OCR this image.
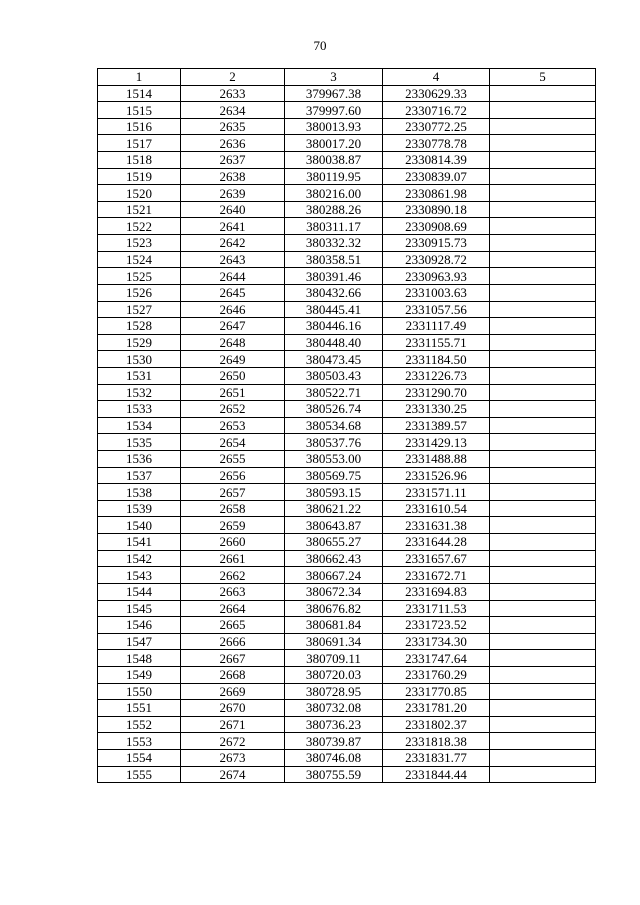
70
1	2	3	4	5
1514	2633	379967.38	2330629.33	
1515	2634	379997.60	2330716.72	
1516	2635	380013.93	2330772.25	
1517	2636	380017.20	2330778.78	
1518	2637	380038.87	2330814.39	
1519	2638	380119.95	2330839.07	
1520	2639	380216.00	2330861.98	
1521	2640	380288.26	2330890.18	
1522	2641	380311.17	2330908.69	
1523	2642	380332.32	2330915.73	
1524	2643	380358.51	2330928.72	
1525	2644	380391.46	2330963.93	
1526	2645	380432.66	2331003.63	
1527	2646	380445.41	2331057.56	
1528	2647	380446.16	2331117.49	
1529	2648	380448.40	2331155.71	
1530	2649	380473.45	2331184.50	
1531	2650	380503.43	2331226.73	
1532	2651	380522.71	2331290.70	
1533	2652	380526.74	2331330.25	
1534	2653	380534.68	2331389.57	
1535	2654	380537.76	2331429.13	
1536	2655	380553.00	2331488.88	
1537	2656	380569.75	2331526.96	
1538	2657	380593.15	2331571.11	
1539	2658	380621.22	2331610.54	
1540	2659	380643.87	2331631.38	
1541	2660	380655.27	2331644.28	
1542	2661	380662.43	2331657.67	
1543	2662	380667.24	2331672.71	
1544	2663	380672.34	2331694.83	
1545	2664	380676.82	2331711.53	
1546	2665	380681.84	2331723.52	
1547	2666	380691.34	2331734.30	
1548	2667	380709.11	2331747.64	
1549	2668	380720.03	2331760.29	
1550	2669	380728.95	2331770.85	
1551	2670	380732.08	2331781.20	
1552	2671	380736.23	2331802.37	
1553	2672	380739.87	2331818.38	
1554	2673	380746.08	2331831.77	
1555	2674	380755.59	2331844.44	
